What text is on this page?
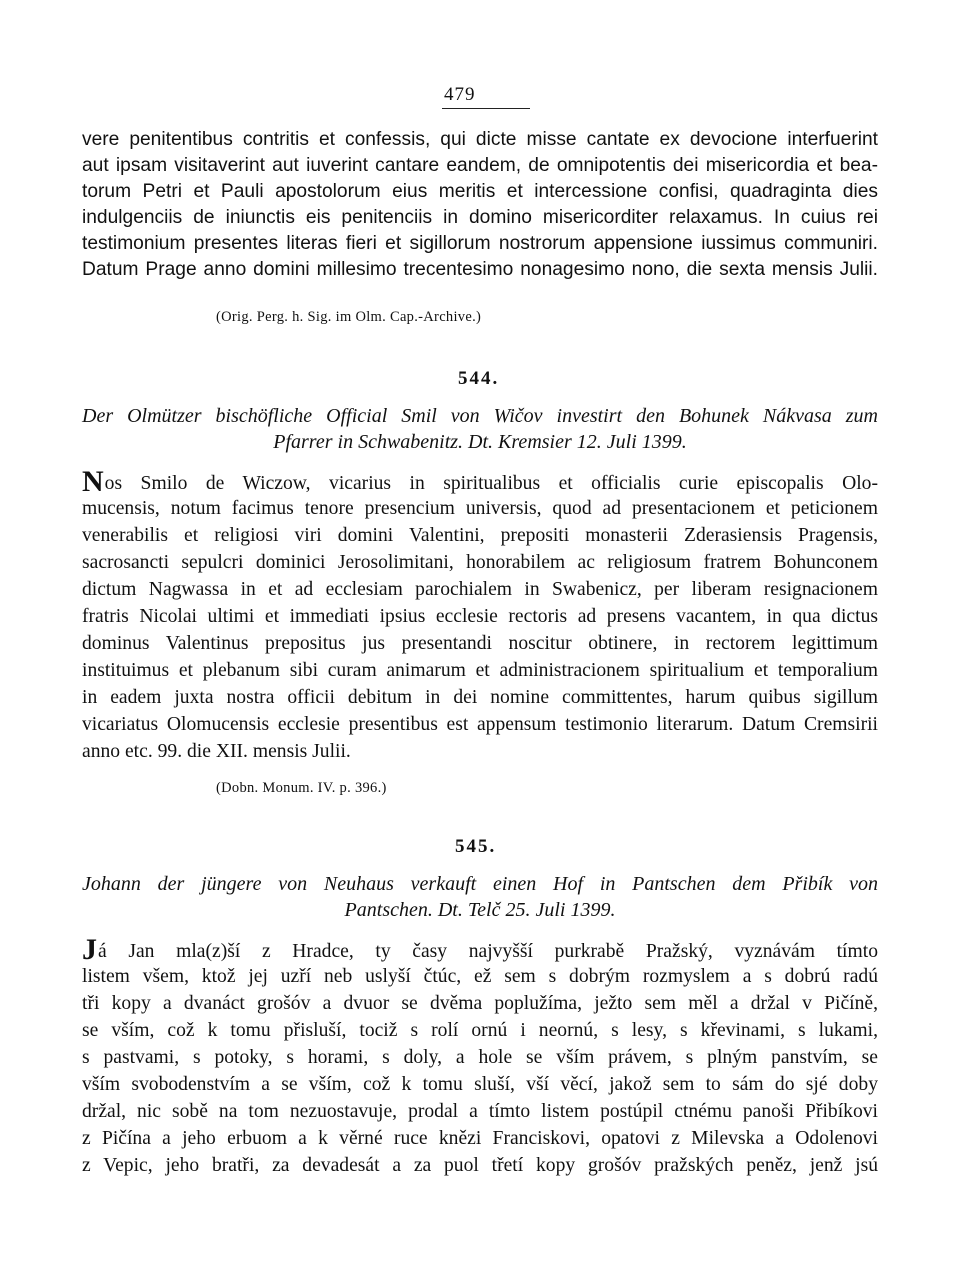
479
vere penitentibus contritis et confessis, qui dicte misse cantate ex devocione interfuerint
aut ipsam visitaverint aut iuverint cantare eandem, de omnipotentis dei misericordia et bea-
torum Petri et Pauli apostolorum eius meritis et intercessione confisi, quadraginta dies
indulgenciis de iniunctis eis penitenciis in domino misericorditer relaxamus. In cuius rei
testimonium presentes literas fieri et sigillorum nostrorum appensione iussimus communiri.
Datum Prage anno domini millesimo trecentesimo nonagesimo nono, die sexta mensis Julii.
(Orig. Perg. h. Sig. im Olm. Cap.-Archive.)
544.
Der Olmützer bischöfliche Official Smil von Wičov investirt den Bohunek Nákvasa zum
Pfarrer in Schwabenitz. Dt. Kremsier 12. Juli 1399.
Nos Smilo de Wiczow, vicarius in spiritualibus et officialis curie episcopalis Olo-
mucensis, notum facimus tenore presencium universis, quod ad presentacionem et peticionem
venerabilis et religiosi viri domini Valentini, prepositi monasterii Zderasiensis Pragensis,
sacrosancti sepulcri dominici Jerosolimitani, honorabilem ac religiosum fratrem Bohunconem
dictum Nagwassa in et ad ecclesiam parochialem in Swabenicz, per liberam resignacionem
fratris Nicolai ultimi et immediati ipsius ecclesie rectoris ad presens vacantem, in qua dictus
dominus Valentinus prepositus jus presentandi noscitur obtinere, in rectorem legittimum
instituimus et plebanum sibi curam animarum et administracionem spiritualium et temporalium
in eadem juxta nostra officii debitum in dei nomine committentes, harum quibus sigillum
vicariatus Olomucensis ecclesie presentibus est appensum testimonio literarum. Datum Cremsirii
anno etc. 99. die XII. mensis Julii.
(Dobn. Monum. IV. p. 396.)
545.
Johann der jüngere von Neuhaus verkauft einen Hof in Pantschen dem Přibík von
Pantschen. Dt. Telč 25. Juli 1399.
Já Jan mla(z)ší z Hradce, ty časy najvyšší purkrabě Pražský, vyznávám tímto
listem všem, ktož jej uzří neb uslyší čtúc, ež sem s dobrým rozmyslem a s dobrú radú
tři kopy a dvanáct grošóv a dvuor se dvěma poplužíma, ježto sem měl a držal v Pičíně,
se vším, což k tomu přisluší, tociž s rolí ornú i neornú, s lesy, s křevinami, s lukami,
s pastvami, s potoky, s horami, s doly, a hole se vším právem, s plným panstvím, se
vším svobodenstvím a se vším, což k tomu sluší, vší věcí, jakož sem to sám do sjé doby
držal, nic sobě na tom nezuostavuje, prodal a tímto listem postúpil ctnému panoši Přibíkovi
z Pičína a jeho erbuom a k věrné ruce knězi Franciskovi, opatovi z Milevska a Odolenovi
z Vepic, jeho bratři, za devadesát a za puol třetí kopy grošóv pražských peněz, jenž jsú
